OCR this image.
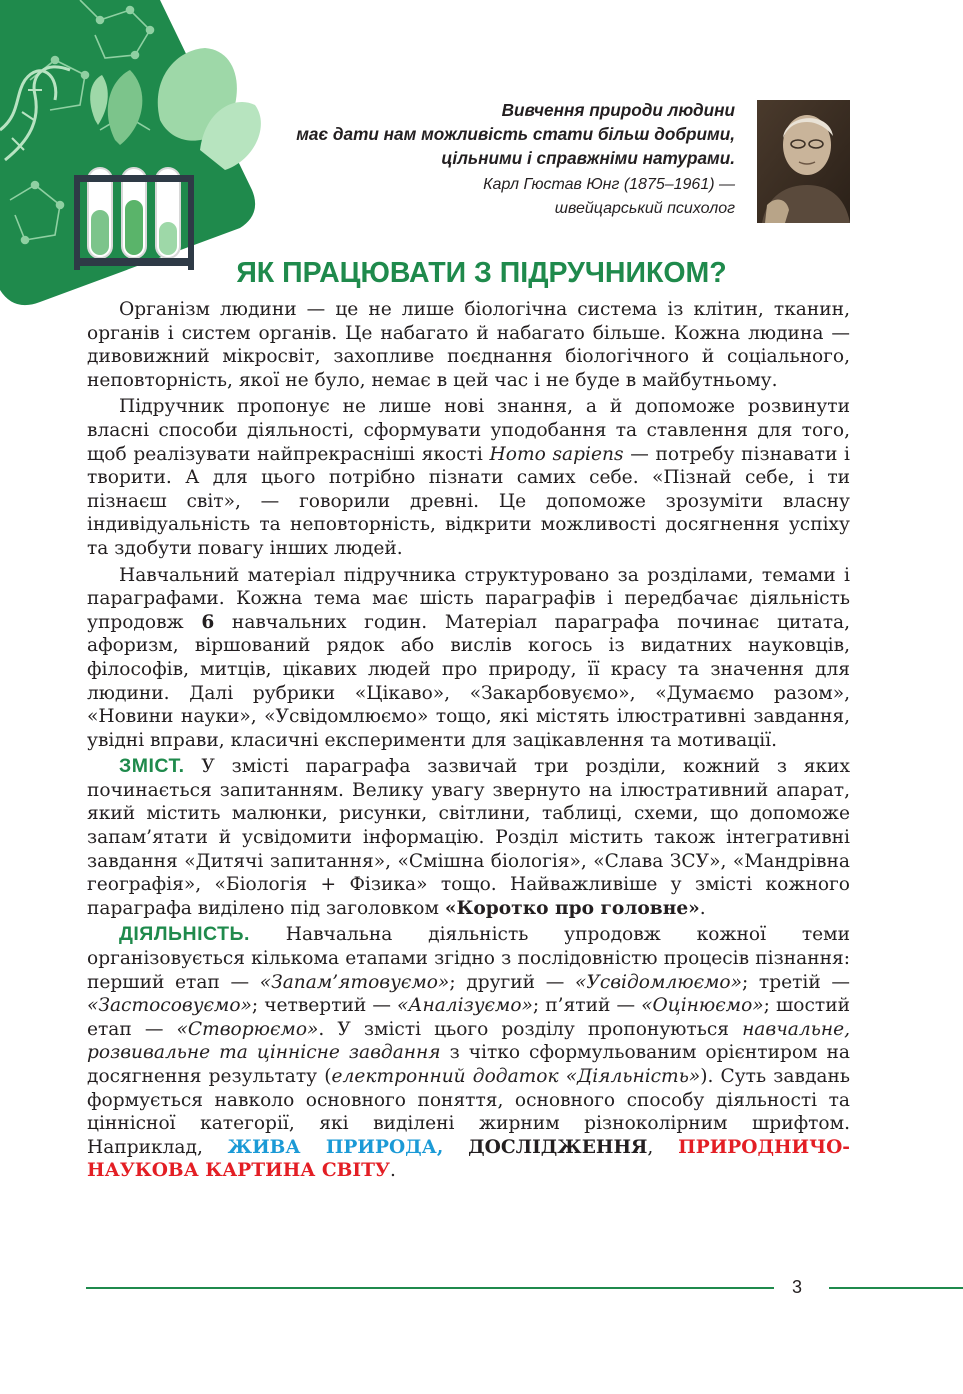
Вивчення природи людини
має дати нам можливість стати більш добрими,
цільними і справжніми натурами.
Карл Гюстав Юнг (1875–1961) —
швейцарський психолог
ЯК ПРАЦЮВАТИ З ПІДРУЧНИКОМ?

Організм людини — це не лише біологічна система із клітин, тканин, органів і систем органів. Це набагато й набагато більше. Кожна людина — дивовижний мікросвіт, захопливе поєднання біологічного й соціального, неповторність, якої не було, немає в цей час і не буде в майбутньому.

Підручник пропонує не лише нові знання, а й допоможе розвинути власні способи діяльності, сформувати уподобання та ставлення для того, щоб реалізувати найпрекрасніші якості Homo sapiens — потребу пізнавати і творити. А для цього потрібно пізнати самих себе. «Пізнай себе, і ти пізнаєш світ», — говорили древні. Це допоможе зрозуміти власну індивідуальність та неповторність, відкрити можливості досягнення успіху та здобути повагу інших людей.

Навчальний матеріал підручника структуровано за розділами, темами і параграфами. Кожна тема має шість параграфів і передбачає діяльність упродовж 6 навчальних годин. Матеріал параграфа починає цитата, афоризм, віршований рядок або вислів когось із видатних науковців, філософів, митців, цікавих людей про природу, її красу та значення для людини. Далі рубрики «Цікаво», «Закарбовуємо», «Думаємо разом», «Новини науки», «Усвідомлюємо» тощо, які містять ілюстративні завдання, увідні вправи, класичні експерименти для зацікавлення та мотивації.

ЗМІСТ. У змісті параграфа зазвичай три розділи, кожний з яких починається запитанням. Велику увагу звернуто на ілюстративний апарат, який містить малюнки, рисунки, світлини, таблиці, схеми, що допоможе запам’ятати й усвідомити інформацію. Розділ містить також інтегративні завдання «Дитячі запитання», «Смішна біологія», «Слава ЗСУ», «Мандрівна географія», «Біологія + Фізика» тощо. Найважливіше у змісті кожного параграфа виділено під заголовком «Коротко про головне».

ДІЯЛЬНІСТЬ. Навчальна діяльність упродовж кожної теми організовується кількома етапами згідно з послідовністю процесів пізнання: перший етап — «Запам’ятовуємо»; другий — «Усвідомлюємо»; третій — «Застосовуємо»; четвертий — «Аналізуємо»; п’ятий — «Оцінюємо»; шостий етап — «Створюємо». У змісті цього розділу пропонуються навчальне, розвивальне та ціннісне завдання з чітко сформульованим орієнтиром на досягнення результату (електронний додаток «Діяльність»). Суть завдань формується навколо основного поняття, основного способу діяльності та ціннісної категорії, які виділені жирним різноколірним шрифтом. Наприклад, ЖИВА ПРИРОДА, ДОСЛІДЖЕННЯ, ПРИРОДНИЧО-НАУКОВА КАРТИНА СВІТУ.

3
